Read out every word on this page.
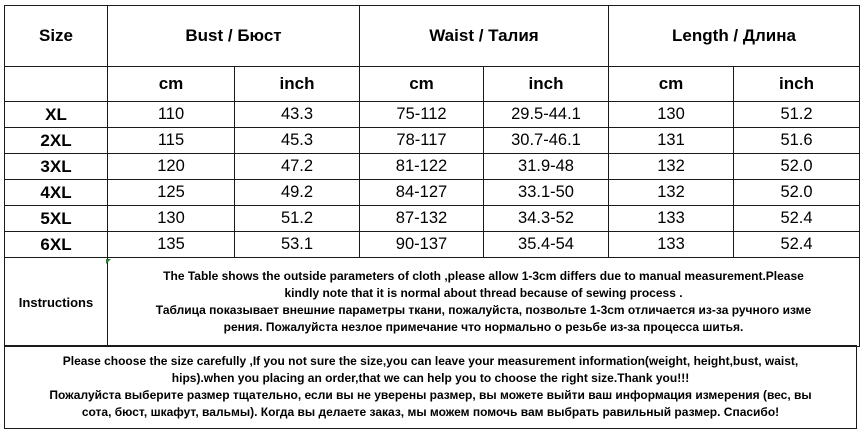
Size	Bust / Бюст		Waist / Талия		Length / Длина	
	cm	inch	cm	inch	cm	inch
XL	110	43.3	75-112	29.5-44.1	130	51.2
2XL	115	45.3	78-117	30.7-46.1	131	51.6
3XL	120	47.2	81-122	31.9-48	132	52.0
4XL	125	49.2	84-127	33.1-50	132	52.0
5XL	130	51.2	87-132	34.3-52	133	52.4
6XL	135	53.1	90-137	35.4-54	133	52.4
Instructions	The Table shows the outside parameters of cloth ,please allow 1-3cm differs due to manual measurement.Please
kindly note that it is normal about thread because of sewing process .
Таблица показывает внешние параметры ткани, пожалуйста, позвольте 1-3cm отличается из-за ручного изме
рения. Пожалуйста незлое примечание что нормально о резьбе из-за процесса шитья.					
Please choose the size carefully ,If you not sure the size,you can leave your measurement information(weight, height,bust, waist,
hips).when you placing an order,that we can help you to choose the right size.Thank you!!!
Пожалуйста выберите размер тщательно, если вы не уверены размер, вы можете выйти ваш информация измерения (вес, вы
сота, бюст, шкафут, вальмы). Когда вы делаете заказ, мы можем помочь вам выбрать равильный размер. Спасибо!
